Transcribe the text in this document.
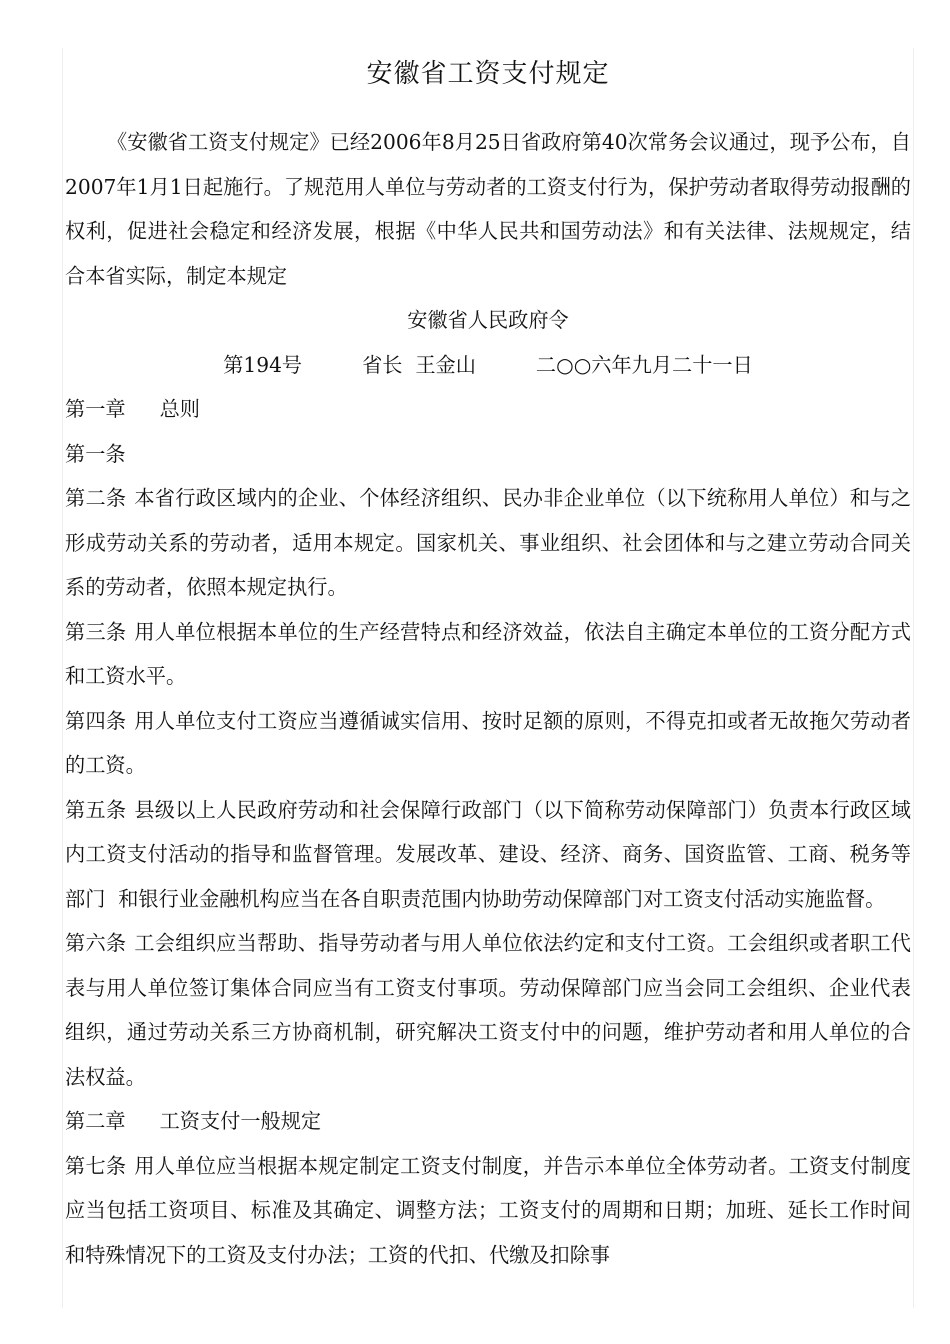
安徽省工资支付规定

《安徽省工资支付规定》已经2006年8月25日省政府第40次常务会议通过，现予公布，自2007年1月1日起施行。了规范用人单位与劳动者的工资支付行为，保护劳动者取得劳动报酬的权利，促进社会稳定和经济发展，根据《中华人民共和国劳动法》和有关法律、法规规定，结合本省实际，制定本规定

安徽省人民政府令

第194号	省长  王金山	二○○六年九月二十一日

第一章 总则

第一条

第二条 本省行政区域内的企业、个体经济组织、民办非企业单位（以下统称用人单位）和与之形成劳动关系的劳动者，适用本规定。国家机关、事业组织、社会团体和与之建立劳动合同关系的劳动者，依照本规定执行。

第三条 用人单位根据本单位的生产经营特点和经济效益，依法自主确定本单位的工资分配方式和工资水平。

第四条 用人单位支付工资应当遵循诚实信用、按时足额的原则，不得克扣或者无故拖欠劳动者的工资。

第五条 县级以上人民政府劳动和社会保障行政部门（以下简称劳动保障部门）负责本行政区域内工资支付活动的指导和监督管理。发展改革、建设、经济、商务、国资监管、工商、税务等部门  和银行业金融机构应当在各自职责范围内协助劳动保障部门对工资支付活动实施监督。

第六条 工会组织应当帮助、指导劳动者与用人单位依法约定和支付工资。工会组织或者职工代表与用人单位签订集体合同应当有工资支付事项。劳动保障部门应当会同工会组织、企业代表组织，通过劳动关系三方协商机制，研究解决工资支付中的问题，维护劳动者和用人单位的合法权益。

第二章 工资支付一般规定

第七条 用人单位应当根据本规定制定工资支付制度，并告示本单位全体劳动者。工资支付制度应当包括工资项目、标准及其确定、调整方法；工资支付的周期和日期；加班、延长工作时间和特殊情况下的工资及支付办法；工资的代扣、代缴及扣除事
